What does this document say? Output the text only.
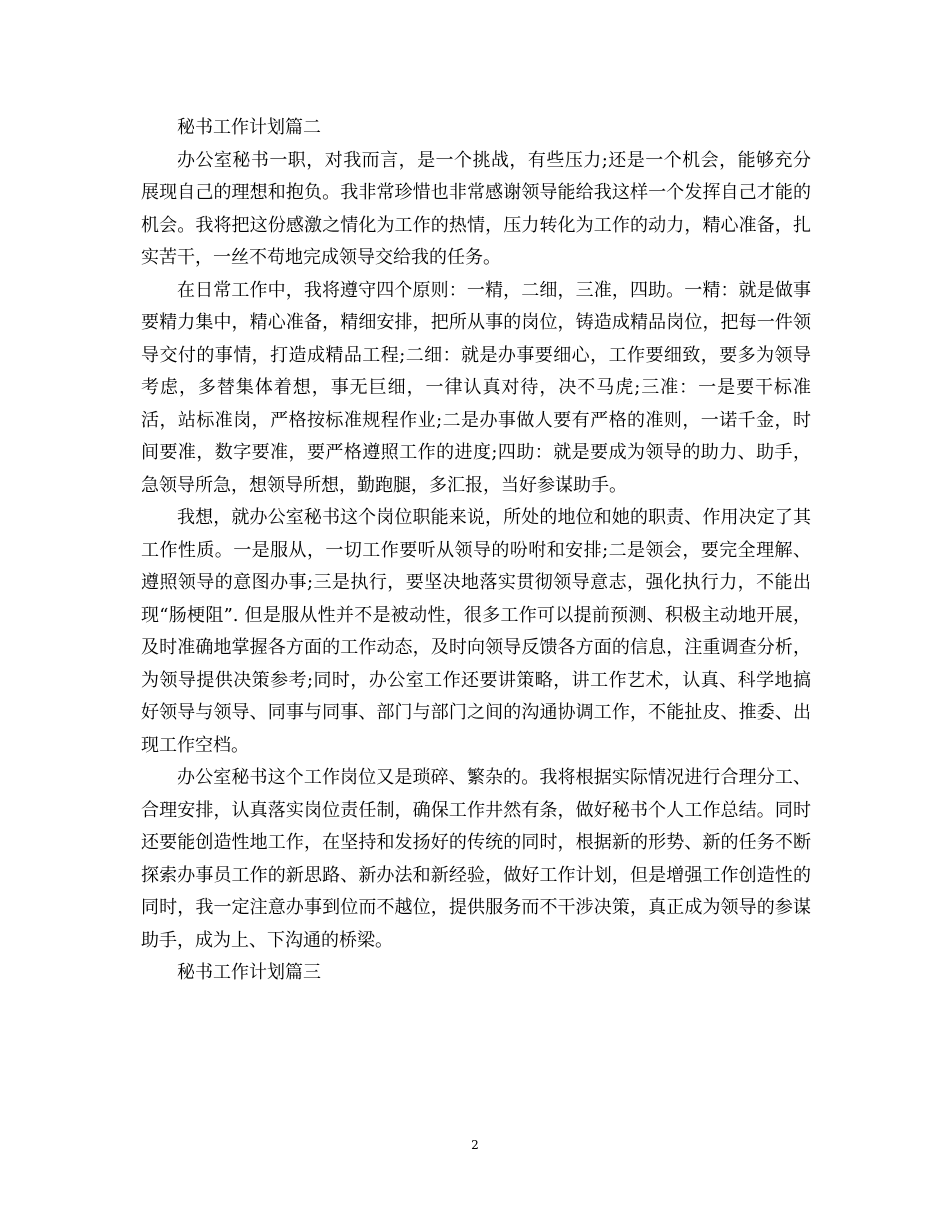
秘书工作计划篇二

办公室秘书一职，对我而言，是一个挑战，有些压力;还是一个机会，能够充分展现自己的理想和抱负。我非常珍惜也非常感谢领导能给我这样一个发挥自己才能的机会。我将把这份感激之情化为工作的热情，压力转化为工作的动力，精心准备，扎实苦干，一丝不苟地完成领导交给我的任务。

在日常工作中，我将遵守四个原则：一精，二细，三准，四助。一精：就是做事要精力集中，精心准备，精细安排，把所从事的岗位，铸造成精品岗位，把每一件领导交付的事情，打造成精品工程;二细：就是办事要细心，工作要细致，要多为领导考虑，多替集体着想，事无巨细，一律认真对待，决不马虎;三准：一是要干标准活，站标准岗，严格按标准规程作业;二是办事做人要有严格的准则，一诺千金，时间要准，数字要准，要严格遵照工作的进度;四助：就是要成为领导的助力、助手，急领导所急，想领导所想，勤跑腿，多汇报，当好参谋助手。

我想，就办公室秘书这个岗位职能来说，所处的地位和她的职责、作用决定了其工作性质。一是服从，一切工作要听从领导的吩咐和安排;二是领会，要完全理解、遵照领导的意图办事;三是执行，要坚决地落实贯彻领导意志，强化执行力，不能出现“肠梗阻”. 但是服从性并不是被动性，很多工作可以提前预测、积极主动地开展，及时准确地掌握各方面的工作动态，及时向领导反馈各方面的信息，注重调查分析，为领导提供决策参考;同时，办公室工作还要讲策略，讲工作艺术，认真、科学地搞好领导与领导、同事与同事、部门与部门之间的沟通协调工作，不能扯皮、推委、出现工作空档。

办公室秘书这个工作岗位又是琐碎、繁杂的。我将根据实际情况进行合理分工、合理安排，认真落实岗位责任制，确保工作井然有条，做好秘书个人工作总结。同时还要能创造性地工作，在坚持和发扬好的传统的同时，根据新的形势、新的任务不断探索办事员工作的新思路、新办法和新经验，做好工作计划，但是增强工作创造性的同时，我一定注意办事到位而不越位，提供服务而不干涉决策，真正成为领导的参谋助手，成为上、下沟通的桥梁。

秘书工作计划篇三

2
